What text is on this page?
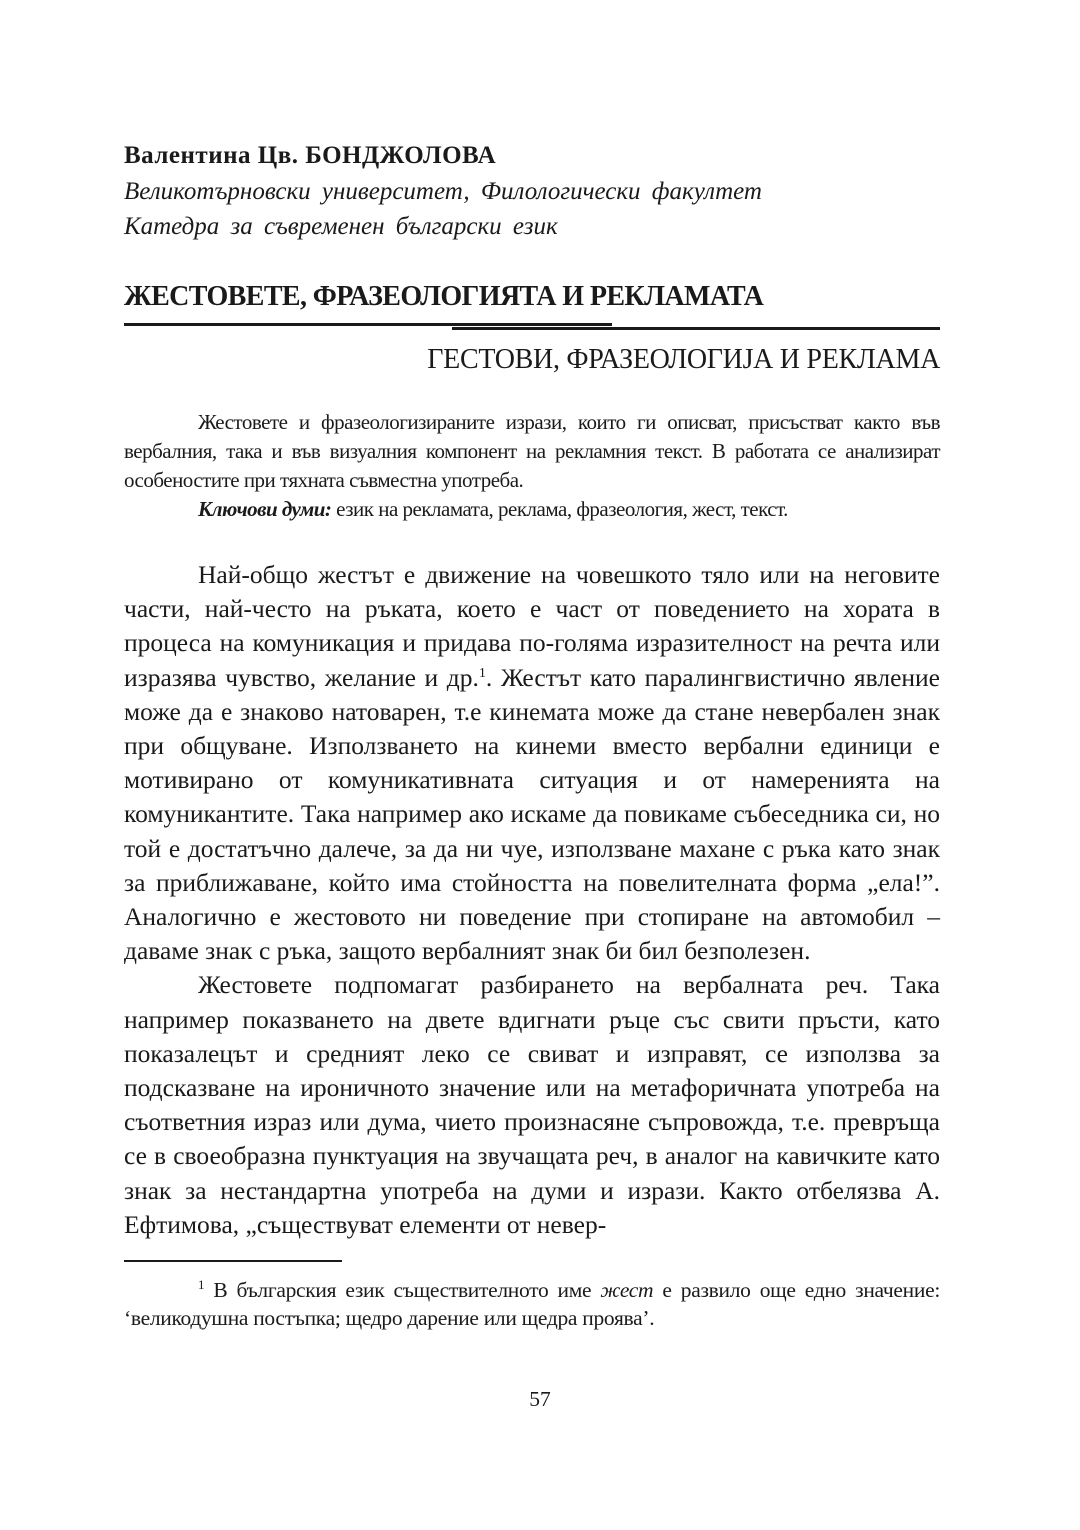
Валентина Цв. БОНДЖОЛОВА
Великотърновски университет, Филологически факултет
Катедра за съвременен български език
ЖЕСТОВЕТЕ, ФРАЗЕОЛОГИЯТА И РЕКЛАМАТА
ГЕСТОВИ, ФРАЗЕОЛОГИЈА И РЕКЛАМА

Жестовете и фразеологизираните изрази, които ги описват, присъстват както във вербалния, така и във визуалния компонент на рекламния текст. В работата се анализират особеностите при тяхната съвместна употреба.

Ключови думи: език на рекламата, реклама, фразеология, жест, текст.

Най-общо жестът е движение на човешкото тяло или на неговите части, най-често на ръката, което е част от поведението на хората в процеса на комуникация и придава по-голяма изразителност на речта или изразява чувство, желание и др.$^1$. Жестът като паралингвистично явление може да е знаково натоварен, т.е кинемата може да стане невербален знак при общуване. Използването на кинеми вместо вербални единици е мотивирано от комуникативната ситуация и от намеренията на комуникантите. Така например ако искаме да повикаме събеседника си, но той е достатъчно далече, за да ни чуе, използване махане с ръка като знак за приближаване, който има стойността на повелителната форма „ела!”. Аналогично е жестовото ни поведение при стопиране на автомобил – даваме знак с ръка, защото вербалният знак би бил безполезен.

Жестовете подпомагат разбирането на вербалната реч. Така например показването на двете вдигнати ръце със свити пръсти, като показалецът и средният леко се свиват и изправят, се използва за подсказване на ироничното значение или на метафоричната употреба на съответния израз или дума, чието произнасяне съпровожда, т.е. превръща се в своеобразна пунктуация на звучащата реч, в аналог на кавичките като знак за нестандартна употреба на думи и изрази. Както отбелязва А. Ефтимова, „съществуват елементи от невер-

$^1$ В българския език съществителното име жест е развило още едно значение: ‘великодушна постъпка; щедро дарение или щедра проява’.

57
